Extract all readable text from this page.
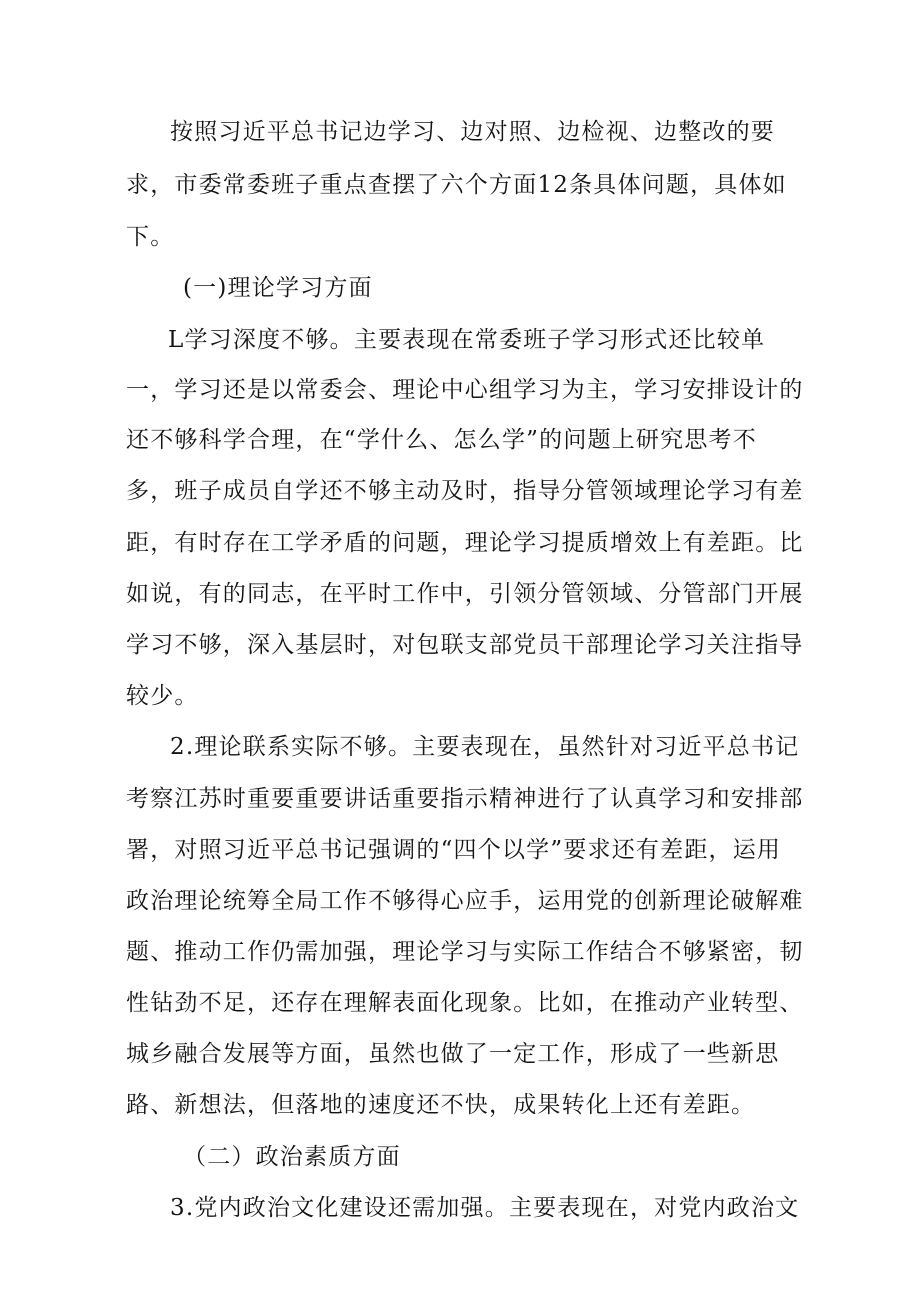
按照习近平总书记边学习、边对照、边检视、边整改的要
求，市委常委班子重点查摆了六个方面12条具体问题，具体如
下。
(一)理论学习方面
L学习深度不够。主要表现在常委班子学习形式还比较单
一，学习还是以常委会、理论中心组学习为主，学习安排设计的
还不够科学合理，在“学什么、怎么学”的问题上研究思考不
多，班子成员自学还不够主动及时，指导分管领域理论学习有差
距，有时存在工学矛盾的问题，理论学习提质增效上有差距。比
如说，有的同志，在平时工作中，引领分管领域、分管部门开展
学习不够，深入基层时，对包联支部党员干部理论学习关注指导
较少。
2.理论联系实际不够。主要表现在，虽然针对习近平总书记
考察江苏时重要重要讲话重要指示精神进行了认真学习和安排部
署，对照习近平总书记强调的“四个以学”要求还有差距，运用
政治理论统筹全局工作不够得心应手，运用党的创新理论破解难
题、推动工作仍需加强，理论学习与实际工作结合不够紧密，韧
性钻劲不足，还存在理解表面化现象。比如，在推动产业转型、
城乡融合发展等方面，虽然也做了一定工作，形成了一些新思
路、新想法，但落地的速度还不快，成果转化上还有差距。
（二）政治素质方面
3.党内政治文化建设还需加强。主要表现在，对党内政治文
